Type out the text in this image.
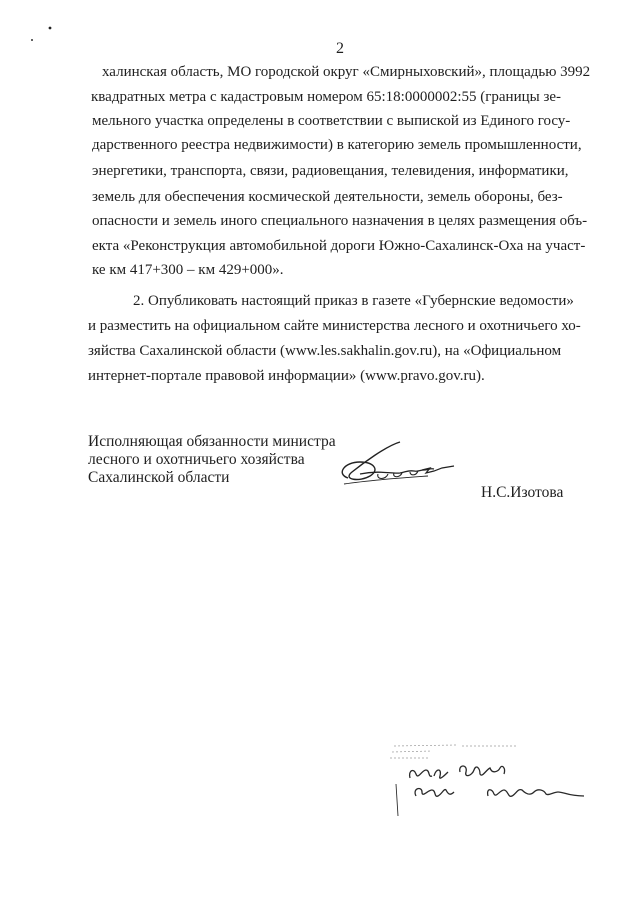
2
халинская область, МО городской округ «Смирныховский», площадью 3992
квадратных метра с кадастровым номером 65:18:0000002:55 (границы зе-
мельного участка определены в соответствии с выпиской из Единого госу-
дарственного реестра недвижимости) в категорию земель промышленности,
энергетики, транспорта, связи, радиовещания, телевидения, информатики,
земель для обеспечения космической деятельности, земель обороны, без-
опасности и земель иного специального назначения в целях размещения объ-
екта «Реконструкция автомобильной дороги Южно-Сахалинск-Оха на участ-
ке км 417+300 – км 429+000».
2. Опубликовать настоящий приказ в газете «Губернские ведомости»
и разместить на официальном сайте министерства лесного и охотничьего хо-
зяйства Сахалинской области (www.les.sakhalin.gov.ru), на «Официальном
интернет-портале правовой информации» (www.pravo.gov.ru).
Исполняющая обязанности министра
лесного и охотничьего хозяйства
Сахалинской области
Н.С.Изотова
